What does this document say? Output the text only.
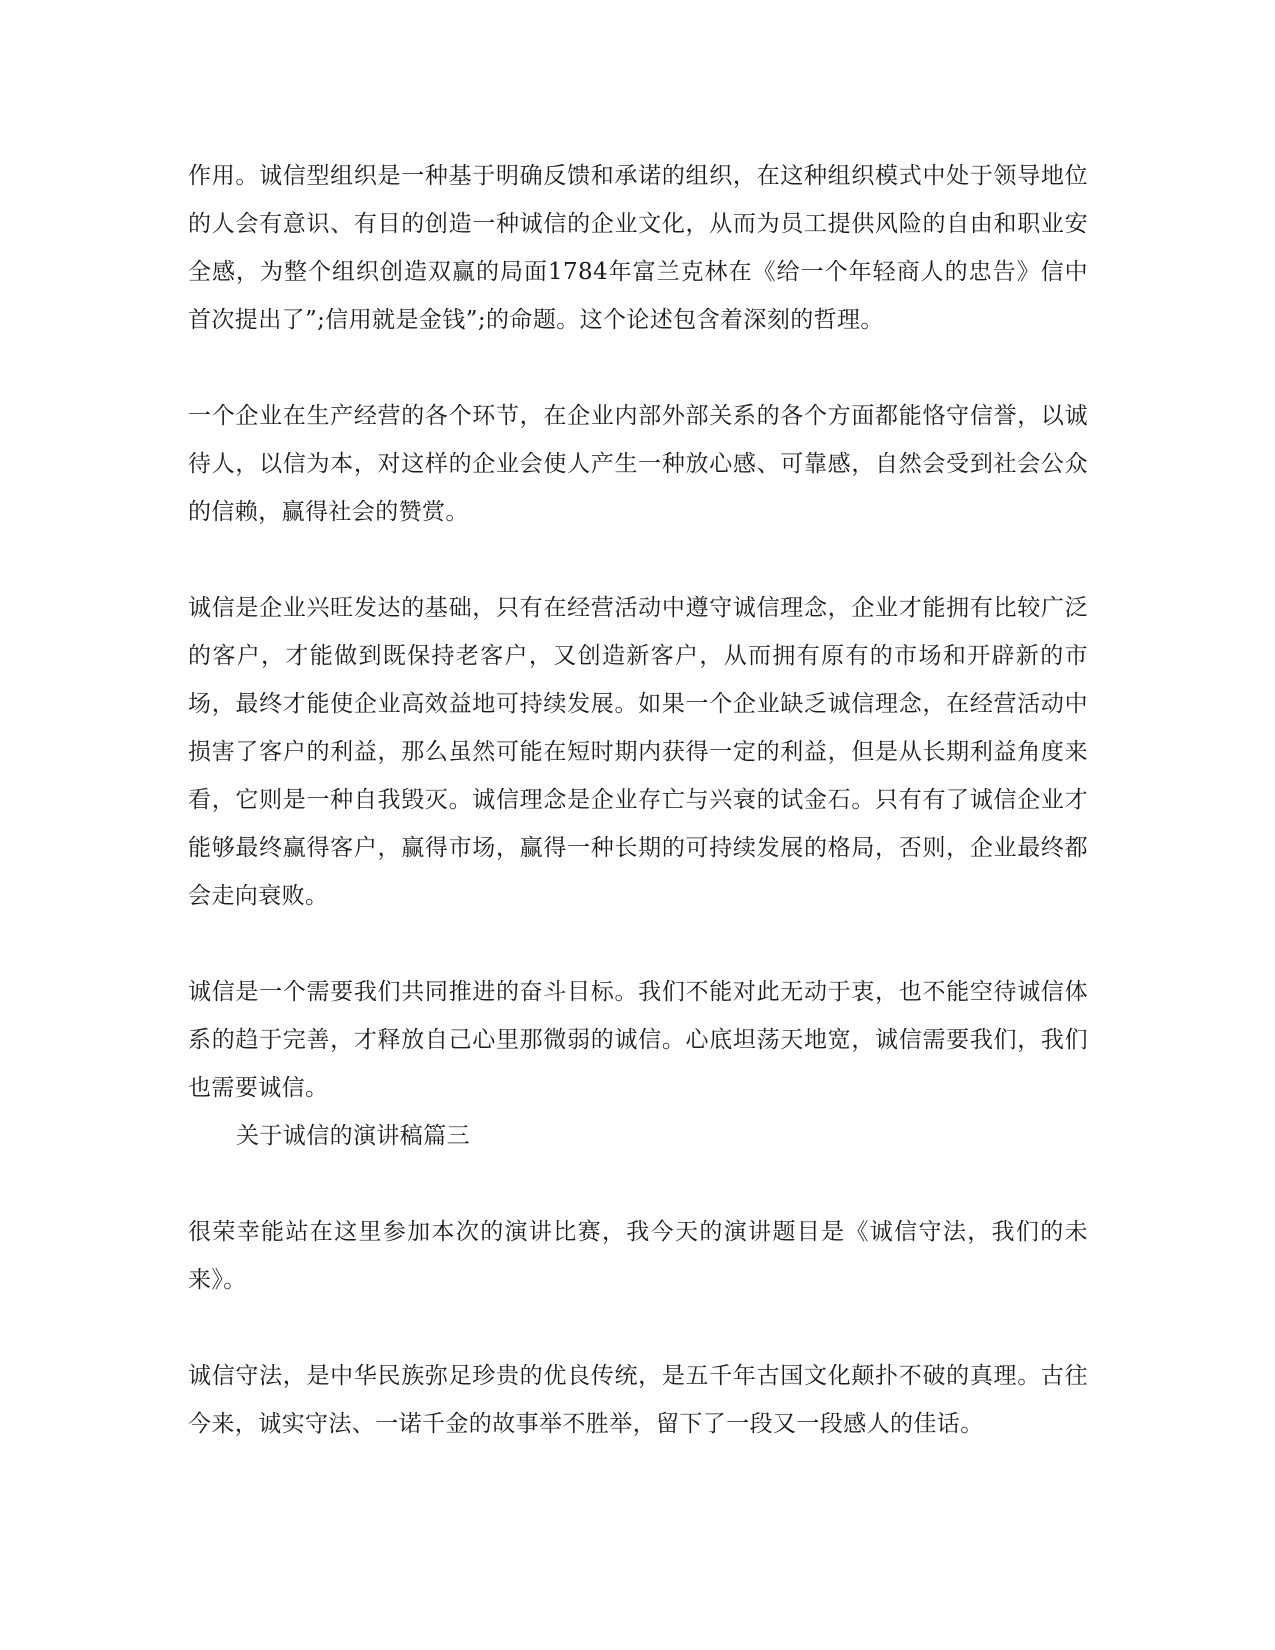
作用。诚信型组织是一种基于明确反馈和承诺的组织，在这种组织模式中处于领导地位的人会有意识、有目的创造一种诚信的企业文化，从而为员工提供风险的自由和职业安全感，为整个组织创造双赢的局面1784年富兰克林在《给一个年轻商人的忠告》信中首次提出了”;信用就是金钱”;的命题。这个论述包含着深刻的哲理。

一个企业在生产经营的各个环节，在企业内部外部关系的各个方面都能恪守信誉，以诚待人，以信为本，对这样的企业会使人产生一种放心感、可靠感，自然会受到社会公众的信赖，赢得社会的赞赏。

诚信是企业兴旺发达的基础，只有在经营活动中遵守诚信理念，企业才能拥有比较广泛的客户，才能做到既保持老客户，又创造新客户，从而拥有原有的市场和开辟新的市场，最终才能使企业高效益地可持续发展。如果一个企业缺乏诚信理念，在经营活动中损害了客户的利益，那么虽然可能在短时期内获得一定的利益，但是从长期利益角度来看，它则是一种自我毁灭。诚信理念是企业存亡与兴衰的试金石。只有有了诚信企业才能够最终赢得客户，赢得市场，赢得一种长期的可持续发展的格局，否则，企业最终都会走向衰败。

诚信是一个需要我们共同推进的奋斗目标。我们不能对此无动于衷，也不能空待诚信体系的趋于完善，才释放自己心里那微弱的诚信。心底坦荡天地宽，诚信需要我们，我们也需要诚信。

关于诚信的演讲稿篇三

很荣幸能站在这里参加本次的演讲比赛，我今天的演讲题目是《诚信守法，我们的未来》。

诚信守法，是中华民族弥足珍贵的优良传统，是五千年古国文化颠扑不破的真理。古往今来，诚实守法、一诺千金的故事举不胜举，留下了一段又一段感人的佳话。
